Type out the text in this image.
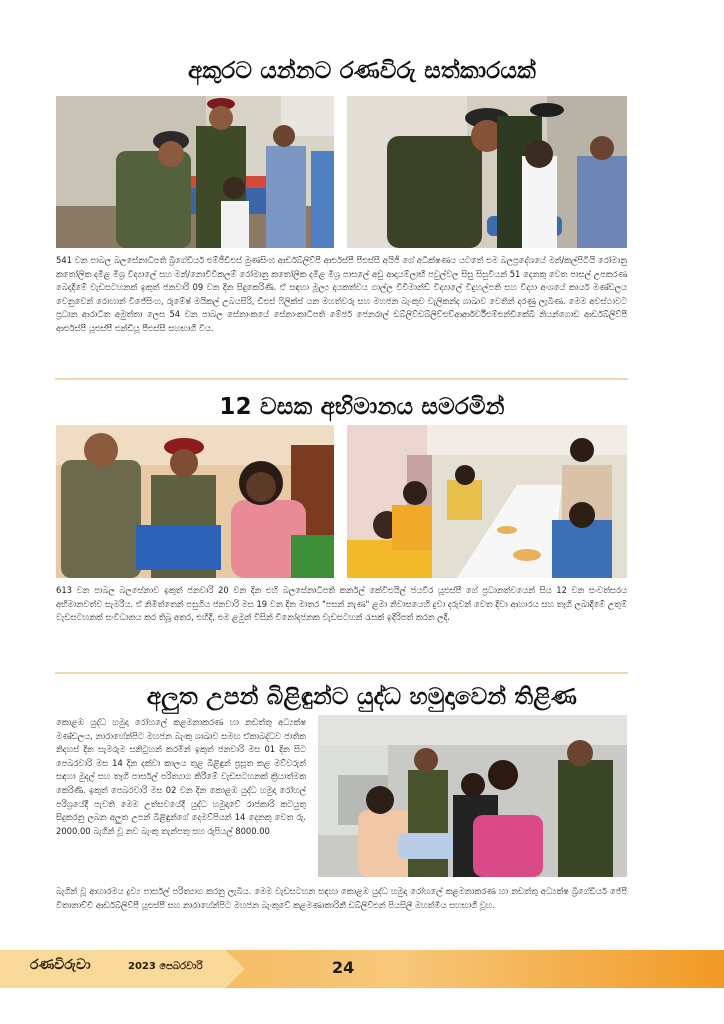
අකුරට යන්නට රණවිරු සත්කාරයක්
541 වන පාබල බලසේනාධිපති බ්‍රිගේඩියර් එම්ජීඩීඑස් මුණසිංහ ආර්ඩබ්ලිව්පී ආර්එස්පී පීඑස්සී අයිජී ගේ අධීක්ෂණය යටතේ එම බලප්‍රදේශයේ මන්/කල්පිටියි රෝමානු කතෝලික දමිළ මිශ්‍ර විද්‍යාලේ සහ මන්/නොවිවිකලම් රෝමානු කතෝලික දමිළ මිශ්‍ර පාසලේ අඩු ආදායම්ලාභී පවුල්වල සිසු සිසුවියන් 51 දෙනකු වෙත පාසල් උපකරණ බෙදාදීමේ වැඩසටහනක් ඉකුත් ජනවාරි 09 වන දින සිදුකෙරිණි. ඒ සඳහා මූල්‍ය දායකත්වය ගාල්ල විවිමාන්ඩ් විද්‍යාලේ විදුහල්පති සහ විද්‍යා අංශයේ කාර්ය මණ්ඩලය වෙනුවෙන් රොහාන් විජේසිංහ, රුමේෂ් මයිකල් උබයසිරි, ඩීඑස් ෆිලික්ස් යන මහත්වරු සහ මහජන බැංකුව වැලිකන්ද ශාඛාව වෙතින් දරණු ලැබිණ. මෙම අවස්ථාවට ප්‍රධාන ආරාධිත අමුත්තා ලෙස 54 වන පාබල සේනාංකයේ සේනාංකාධිපති මේජර් ජෙනරාල් ඩබ්ලිව්ඩබ්ලිව්එච්ආර්ආර්වීඑම්එන්ඩිකේබී නියන්ගොඩ ආර්ඩබ්ලිව්පී ආර්එස්පී යූඑස්පී එන්ඩියූ පීඑස්සී සහභාගී විය.
12 වසක අභිමානය සමරමින්
613 වන පාබල බලසේනාව ඉකුත් ජනවාරි 20 වන දින එහි බලසේනාධිපති කර්නල් කේවිඑයිල් ජයවීර යූඑස්පී ගේ ප්‍රධානත්වයෙන් සිය 12 වන සංවත්සරය අභිමානවත්ව සැමරීය. ඒ නිමිත්තෙන් පසුගිය ජනවාරි මස 19 වන දින මාතර "පසන් නැණ" ළමා නිවාසයෙහි දුවා දරුවන් වෙත දිවා ආහාරය සහ තෑගි ලබාදීමේ උතුම් වැඩසටහනක් සංවිධානය කර තිබූ අතර, එහිදී, එම ළමුන් විසින් විනෝදජනක වැඩසටහන් රැසක් ඉදිරිපත් කරන ලදී.
අලුත උපන් බිළිඳුන්ට යුද්ධ හමුදාවෙන් තිළිණ
කොළඹ යුද්ධ හමුදා රෝහලේ කළමනාකරණ හා නඩත්තු අධ්‍යක්ෂ මණ්ඩලය, නාරාහේන්පිට මහජන බැංකු ශාඛාව සමඟ ඒකාබද්ධව ජාතික නිදහස් දින සැමරුම සනිටුහන් කරමින් ඉකුත් ජනවාරි මස 01 දින සිට පෙබරවාරි මස 14 දින දක්වා කාලය තුළ බිළිඳුන් ප්‍රසූත කළ මව්වරුන් සඳහා මුදල් සහ තෑගි පාර්සල් පරිත්‍යාග කිරීමේ වැඩසටහනක් ක්‍රියාත්මක කෙරිණි. ඉකුත් පෙබරවාරි මස 02 වන දින කොළඹ යුද්ධ හමුදා රෝහල් පරිශ්‍රයේදී පැවති මෙම උත්සවයේදී යුද්ධ හමුදාවේ රාජකාරි කටයුතු සිදුකරනු ලබන අලුත උපන් බිළිඳුන්ගේ දෙමව්පියන් 14 දෙනකු වෙත රු. 2000.00 බැගින් වූ නව බැංකු තැන්පතු සහ රුපියල් 8000.00
බැගින් වූ ආහාරමය ද්‍රව්‍ය පාර්සල් පරිත්‍යාග කරනු ලැබිය. මෙම වැඩසටහන සඳහා කොළඹ යුද්ධ හමුදා රෝහලේ කළමනාකරණ හා නඩත්තු අධ්‍යක්ෂ බ්‍රිගේඩියර් ජේපී විතානාච්චි ආර්ඩබ්ලිව්පී යූඑස්පී සහ නාරාහේන්පිට මහජන බැංකුවේ කළමණාකාරිනී ඩබ්ලිව්එන් පියසිලී මහත්මිය සහභාගී වූහ.
රණවිරුවා	2023 පෙබරවාරි	24
